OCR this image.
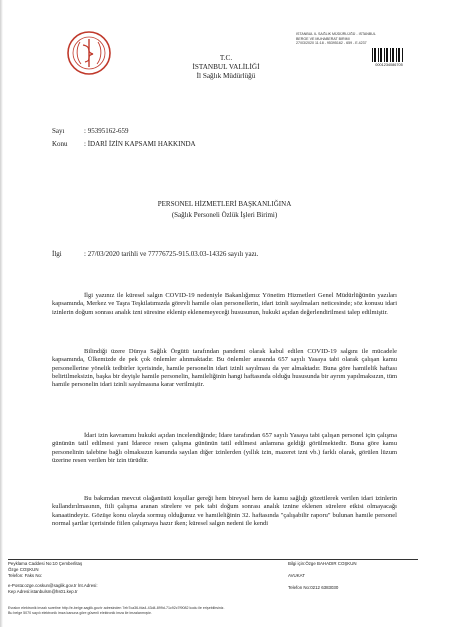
T.C.
İSTANBUL VALİLİĞİ
İl Sağlık Müdürlüğü
İSTANBUL İL SAĞLIK MÜDÜRLÜĞÜ - İSTANBUL
BERGE VE MUHABERAT BİRİMİ
27/03/2020 11:18 - 95395162 - 659 - E.4237
0001234086705
Sayı	: 95395162-659
Konu : İDARİ İZİN KAPSAMI HAKKINDA
PERSONEL HİZMETLERİ BAŞKANLIĞINA
(Sağlık Personeli Özlük İşleri Birimi)
İlgi	: 27/03/2020 tarihli ve 77776725-915.03.03-14326 sayılı yazı.
İlgi yazınız ile küresel salgın COVID-19 nedeniyle Bakanlığımız Yönetim Hizmetleri Genel Müdürlüğünün yazıları kapsamında, Merkez ve Taşra Teşkilatımızda görevli hamile olan personellerin, idari izinli sayılmaları neticesinde; söz konusu idari izinlerin doğum sonrası analık izni süresine eklenip eklenemeyeceği hususunun, hukuki açıdan değerlendirilmesi talep edilmiştir.
Bilindiği üzere Dünya Sağlık Örgütü tarafından pandemi olarak kabul edilen COVID-19 salgını ile mücadele kapsamında, Ülkemizde de pek çok önlemler alınmaktadır. Bu önlemler arasında 657 sayılı Yasaya tabi olarak çalışan kamu personellerine yönelik tedbirler içerisinde, hamile personelin idari izinli sayılması da yer almaktadır. Buna göre hamilelik haftası belirtilmeksizin, başka bir deyişle hamile personelin, hamileliğinin hangi haftasında olduğu hususunda bir ayrım yapılmaksızın, tüm hamile personelin idari izinli sayılmasına karar verilmiştir.
İdari izin kavramını hukuki açıdan incelendiğinde; İdare tarafından 657 sayılı Yasaya tabi çalışan personel için çalışma gününün tatil edilmesi yani İdarece resen çalışma gününün tatil edilmesi anlamına geldiği görülmektedir. Buna göre kamu personelinin talebine bağlı olmaksızın kanunda sayılan diğer izinlerden (yıllık izin, mazeret izni vb.) farklı olarak, görülen lüzum üzerine resen verilen bir izin türüdür.
Bu bakımdan mevcut olağanüstü koşullar gereği hem bireysel hem de kamu sağlığı gözetilerek verilen idari izinlerin kullandırılmasının, fiili çalışma aranan sürelere ve pek tabi doğum sonrası analık iznine eklenen sürelere etkisi olmayacağı kanaatindeyiz. Gözüşe konu olayda sormuş olduğunuz ve hamileliğinin 32. haftasında "çalışabilir raporu" bulunan hamile personel normal şartlar içerisinde fiilen çalışmaya hazır iken; küresel salgın nedeni ile kendi
Peyklama Caddesi No:10 Çemberlitaş
Özge COŞKUN
Telefon: Faks No:
e-Posta:ozge.coskun@saglik.gov.tr İnt.Adresi:
Kep Adresi:istanbulsm@hs01.kep.tr
Bilgi için:Özge BAHADIR COŞKUN
AVUKAT
Telefon No:0212 6383030
Evrakın elektronik imzalı suretine http://e-belge.saglik.gov.tr adresinden 7eb7ca36-fda4-43d4-899d-71c92c7f9082 kodu ile erişebilirsiniz.
Bu belge 5070 sayılı elektronik imza kanuna göre güvenli elektronik imza ile imzalanmıştır.
